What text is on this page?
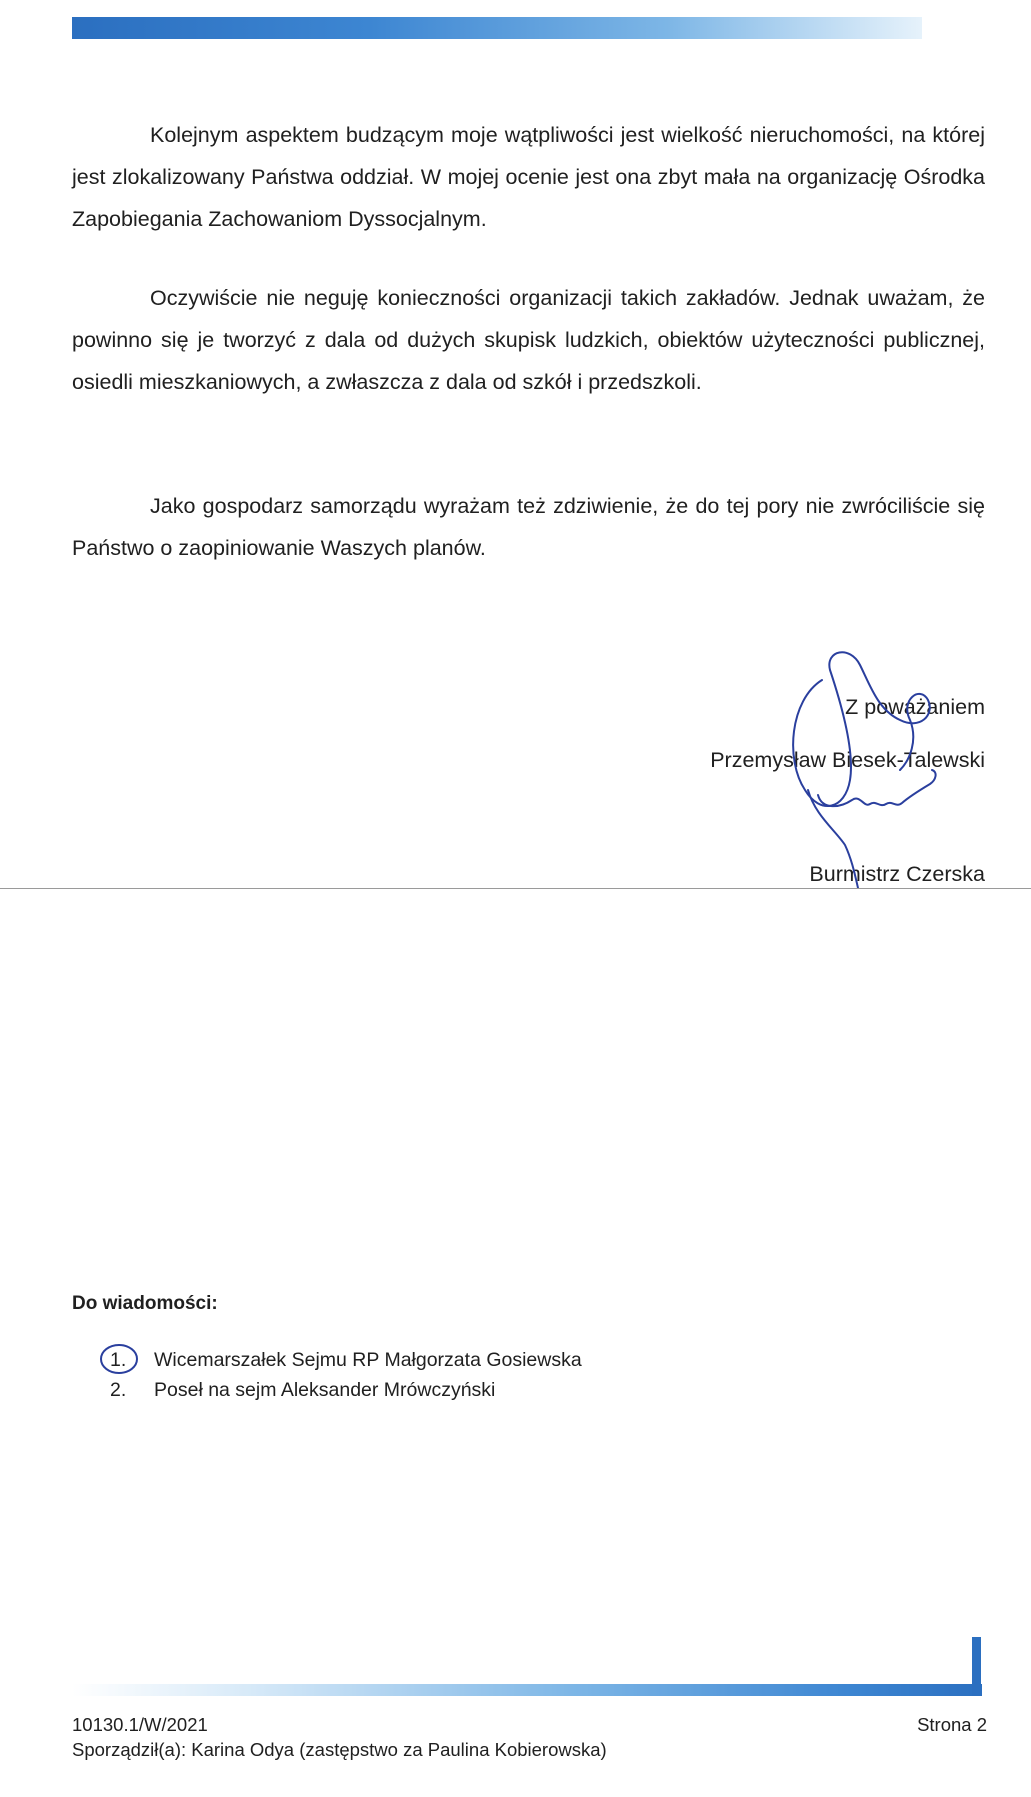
Kolejnym aspektem budzącym moje wątpliwości jest wielkość nieruchomości, na której jest zlokalizowany Państwa oddział. W mojej ocenie jest ona zbyt mała na organizację Ośrodka Zapobiegania Zachowaniom Dyssocjalnym.

Oczywiście nie neguję konieczności organizacji takich zakładów. Jednak uważam, że powinno się je tworzyć z dala od dużych skupisk ludzkich, obiektów użyteczności publicznej, osiedli mieszkaniowych, a zwłaszcza z dala od szkół i przedszkoli.

Jako gospodarz samorządu wyrażam też zdziwienie, że do tej pory nie zwróciliście się Państwo o zaopiniowanie Waszych planów.

Z poważaniem
Przemysław Biesek-Talewski
Burmistrz Czerska
Do wiadomości:
1. Wicemarszałek Sejmu RP Małgorzata Gosiewska
2. Poseł na sejm Aleksander Mrówczyński
10130.1/W/2021
Sporządził(a): Karina Odya (zastępstwo za Paulina Kobierowska)
Strona 2
